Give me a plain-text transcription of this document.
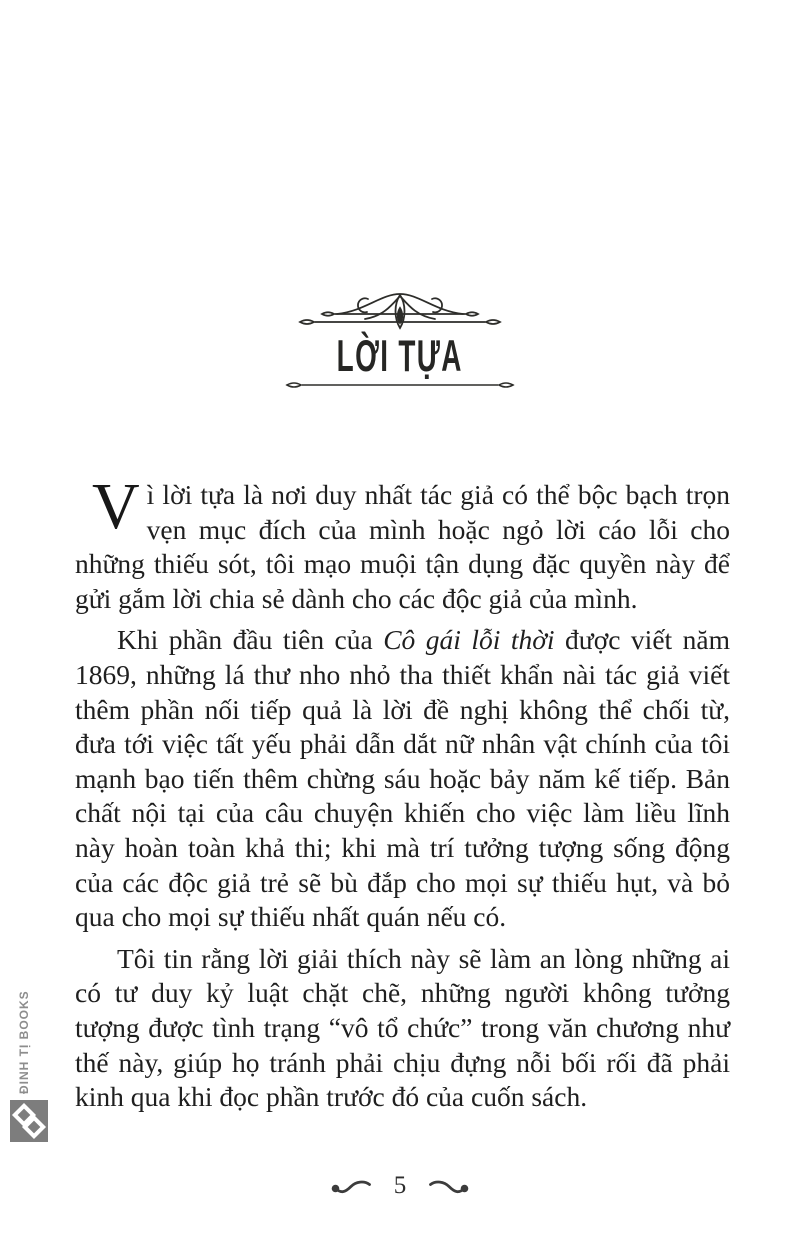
LỜI TỰA

Vì lời tựa là nơi duy nhất tác giả có thể bộc bạch trọn vẹn mục đích của mình hoặc ngỏ lời cáo lỗi cho những thiếu sót, tôi mạo muội tận dụng đặc quyền này để gửi gắm lời chia sẻ dành cho các độc giả của mình.

Khi phần đầu tiên của Cô gái lỗi thời được viết năm 1869, những lá thư nho nhỏ tha thiết khẩn nài tác giả viết thêm phần nối tiếp quả là lời đề nghị không thể chối từ, đưa tới việc tất yếu phải dẫn dắt nữ nhân vật chính của tôi mạnh bạo tiến thêm chừng sáu hoặc bảy năm kế tiếp. Bản chất nội tại của câu chuyện khiến cho việc làm liều lĩnh này hoàn toàn khả thi; khi mà trí tưởng tượng sống động của các độc giả trẻ sẽ bù đắp cho mọi sự thiếu hụt, và bỏ qua cho mọi sự thiếu nhất quán nếu có.

Tôi tin rằng lời giải thích này sẽ làm an lòng những ai có tư duy kỷ luật chặt chẽ, những người không tưởng tượng được tình trạng “vô tổ chức” trong văn chương như thế này, giúp họ tránh phải chịu đựng nỗi bối rối đã phải kinh qua khi đọc phần trước đó của cuốn sách.

ĐINH TỊ BOOKS
5
